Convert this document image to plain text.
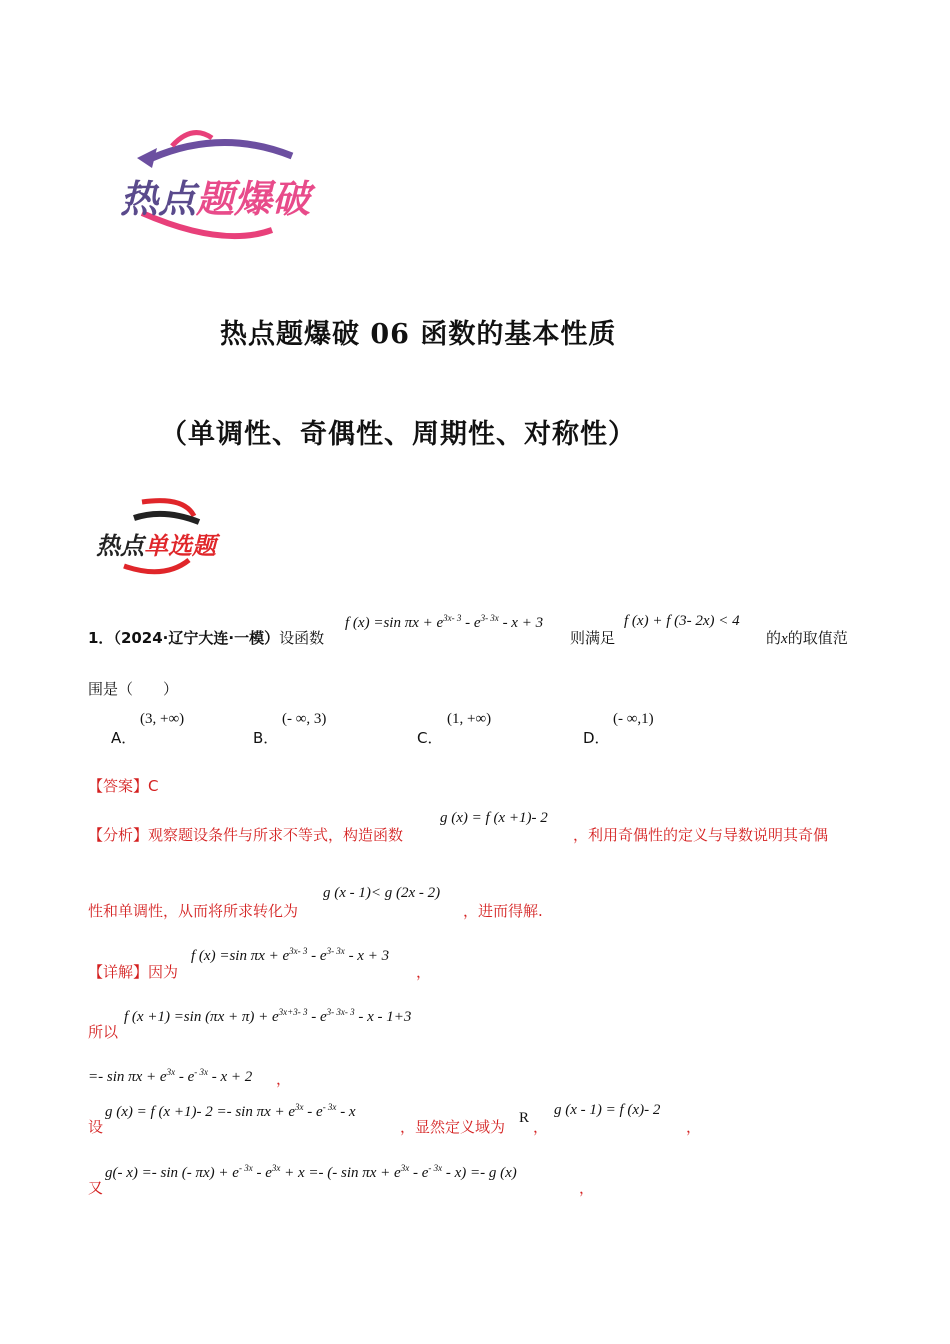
热点题爆破
热点题爆破 06 函数的基本性质
（单调性、奇偶性、周期性、对称性）
热点单选题
1．（2024·辽宁大连·一模）设函数
f (x) =sin $\pi x + e^{3x- 3} - e^{3- 3x} - x + 3$
则满足
f (x) + f (3- 2x) < 4
的x的取值范
围是（　　）
A．
(3, +∞)
B．
(- ∞, 3)
C．
(1, +∞)
D．
(- ∞,1)
【答案】C
【分析】观察题设条件与所求不等式，构造函数
g (x) = f (x +1)- 2
，利用奇偶性的定义与导数说明其奇偶
性和单调性，从而将所求转化为
g (x - 1)< g (2x - 2)
，进而得解.
【详解】因为
f (x) =sin $\pi x + e^{3x- 3} - e^{3- 3x} - x + 3$
，
所以
f (x +1) =sin $(\pi x + \pi) + e^{3x+3- 3} - e^{3- 3x- 3} - x - 1+3$
=- $\sin \pi x + e^{3x} - e^{- 3x} - x + 2$ ，
设
g (x) = f (x +1)- $2 =- \sin \pi x + e^{3x} - e^{- 3x} - x$
，显然定义域为 R ，
g (x - 1) = f (x)- 2
，
又
g(- x) =- sin (- $\pi x) + e^{- 3x} - e^{3x} + x$ =- (- $\sin \pi x + e^{3x} - e^{- 3x} - x) =- g$ (x)
，
